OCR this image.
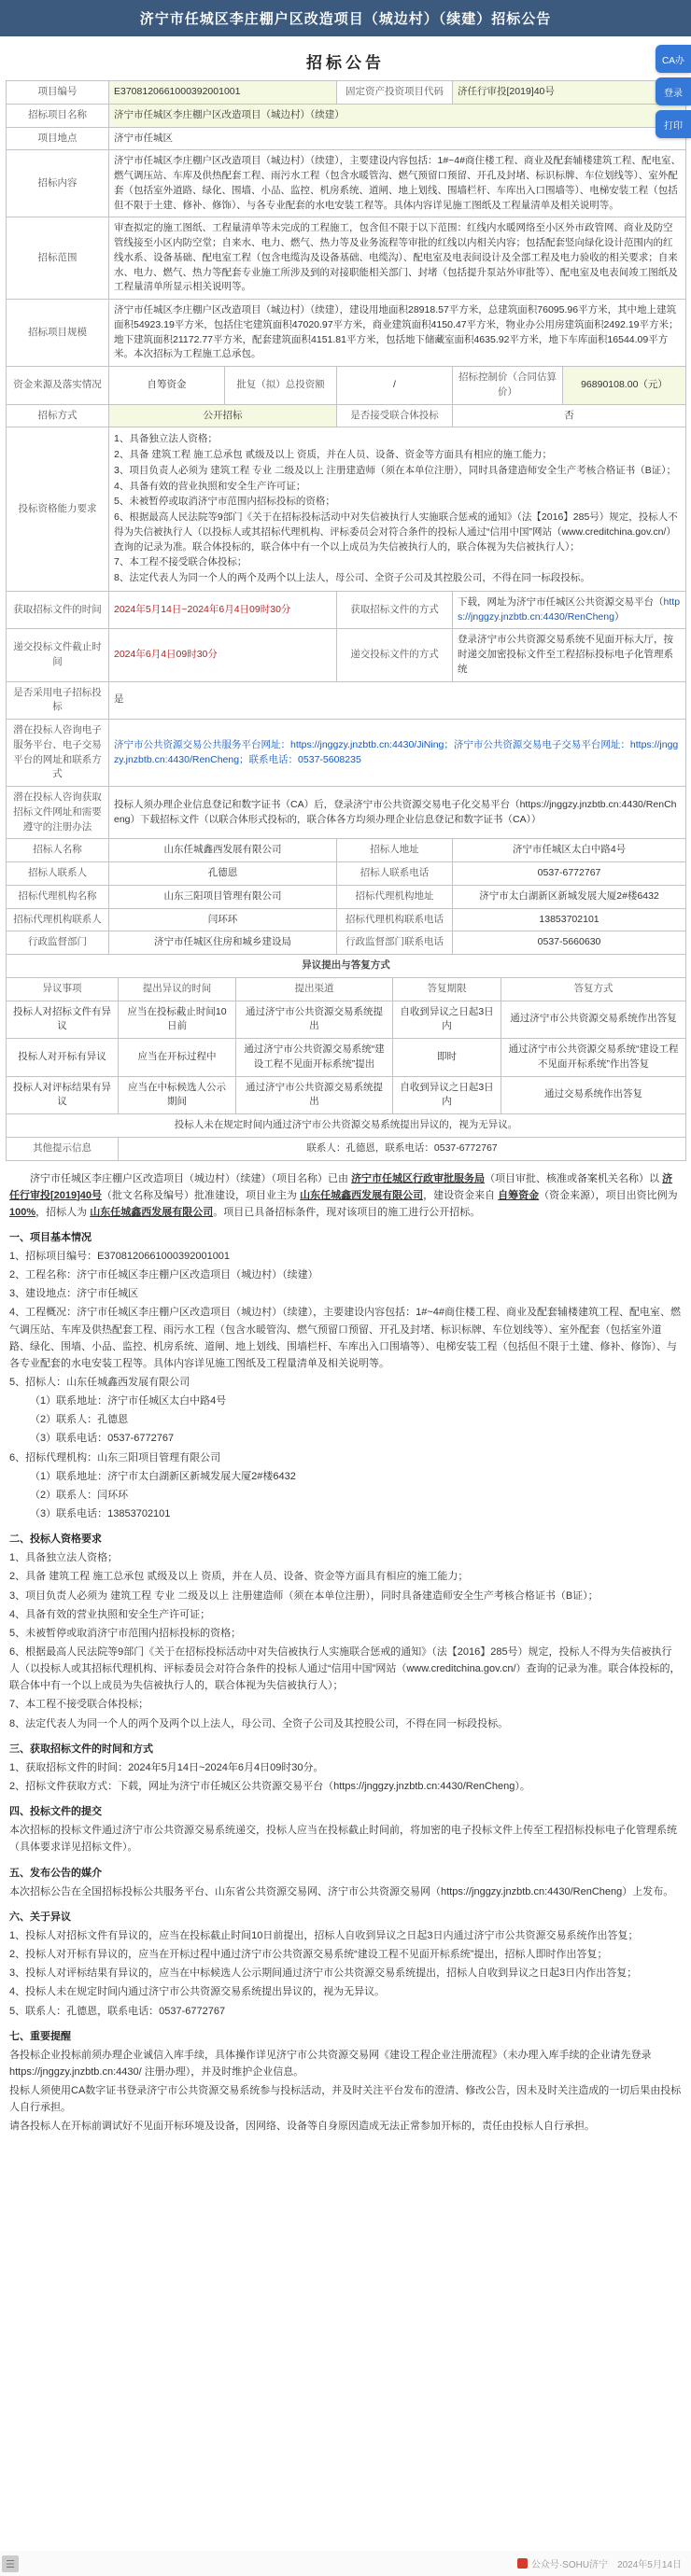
济宁市任城区李庄棚户区改造项目（城边村）（续建）招标公告
CA办
登录
打印
招标公告
项目编号	E3708120661000392001001		固定资产投资项目代码	济任行审投[2019]40号	
招标项目名称	济宁市任城区李庄棚户区改造项目（城边村）（续建）				
项目地点	济宁市任城区				
招标内容	济宁市任城区李庄棚户区改造项目（城边村）（续建），主要建设内容包括：1#~4#商住楼工程、商业及配套辅楼建筑工程、配电室、燃气调压站、车库及供热配套工程、雨污水工程（包含水暖管沟、燃气预留口预留、开孔及封堵、标识标牌、车位划线等）、室外配套（包括室外道路、绿化、围墙、小品、监控、机房系统、道闸、地上划线、围墙栏杆、车库出入口围墙等）、电梯安装工程（包括但不限于土建、修补、修饰）、与各专业配套的水电安装工程等。具体内容详见施工图纸及工程量清单及相关说明等。				
招标范围	审查拟定的施工图纸、工程量清单等未完成的工程施工，包含但不限于以下范围：红线内水暖网络至小区外市政管网、商业及防空管线接至小区内防空堂；自来水、电力、燃气、热力等及业务流程等审批的红线以内相关内容；包括配套竖向绿化设计范围内的红线水系、设备基础、配电室工程（包含电缆沟及设备基础、电缆沟）、配电室及电表间设计及全部工程及电力验收的相关要求；自来水、电力、燃气、热力等配套专业施工所涉及到的对接职能相关部门、封堵（包括提升泵站外审批等）、配电室及电表间竣工图纸及工程量清单所显示相关说明等。				
招标项目规模	济宁市任城区李庄棚户区改造项目（城边村）（续建），建设用地面积28918.57平方米，总建筑面积76095.96平方米，其中地上建筑面积54923.19平方米，包括住宅建筑面积47020.97平方米，商业建筑面积4150.47平方米，物业办公用房建筑面积2492.19平方米；地下建筑面积21172.77平方米，配套建筑面积4151.81平方米，包括地下储藏室面积4635.92平方米，地下车库面积16544.09平方米。本次招标为工程施工总承包。				
资金来源及落实情况	自筹资金	批复（拟）总投资额	/	招标控制价（合同估算价）	96890108.00（元）
招标方式	公开招标		是否接受联合体投标	否	
投标资格能力要求	
1、具备独立法人资格；
2、具备 建筑工程 施工总承包 贰级及以上 资质，并在人员、设备、资金等方面具有相应的施工能力；
3、项目负责人必须为 建筑工程 专业 二级及以上 注册建造师（须在本单位注册），同时具备建造师安全生产考核合格证书（B证）；
4、具备有效的营业执照和安全生产许可证；
5、未被暂停或取消济宁市范围内招标投标的资格；
6、根据最高人民法院等9部门《关于在招标投标活动中对失信被执行人实施联合惩戒的通知》（法【2016】285号）规定，投标人不得为失信被执行人（以投标人或其招标代理机构、评标委员会对符合条件的投标人通过“信用中国”网站（www.creditchina.gov.cn/）查询的记录为准。联合体投标的，联合体中有一个以上成员为失信被执行人的，联合体视为失信被执行人）；
7、本工程不接受联合体投标；
8、法定代表人为同一个人的两个及两个以上法人，母公司、全资子公司及其控股公司，不得在同一标段投标。

获取招标文件的时间	2024年5月14日~2024年6月4日09时30分		获取招标文件的方式	下载，网址为济宁市任城区公共资源交易平台（https://jnggzy.jnzbtb.cn:4430/RenCheng）	
递交投标文件截止时间	2024年6月4日09时30分		递交投标文件的方式	登录济宁市公共资源交易系统不见面开标大厅，按时递交加密投标文件至工程招标投标电子化管理系统	
是否采用电子招标投标	是				
潜在投标人咨询电子服务平台、电子交易平台的网址和联系方式	济宁市公共资源交易公共服务平台网址：https://jnggzy.jnzbtb.cn:4430/JiNing；济宁市公共资源交易电子交易平台网址：https://jnggzy.jnzbtb.cn:4430/RenCheng；联系电话：0537-5608235				
潜在投标人咨询获取招标文件网址和需要遵守的注册办法	投标人须办理企业信息登记和数字证书（CA）后，登录济宁市公共资源交易电子化交易平台（https://jnggzy.jnzbtb.cn:4430/RenCheng）下载招标文件（以联合体形式投标的，联合体各方均须办理企业信息登记和数字证书（CA））				
招标人名称	山东任城鑫西发展有限公司		招标人地址	济宁市任城区太白中路4号	
招标人联系人	孔德恩		招标人联系电话	0537-6772767	
招标代理机构名称	山东三阳项目管理有限公司		招标代理机构地址	济宁市太白湖新区新城发展大厦2#楼6432	
招标代理机构联系人	闫环环		招标代理机构联系电话	13853702101	
行政监督部门	济宁市任城区住房和城乡建设局		行政监督部门联系电话	0537-5660630	
异议提出与答复方式				
异议事项	提出异议的时间	提出渠道	答复期限	答复方式
投标人对招标文件有异议	应当在投标截止时间10日前	通过济宁市公共资源交易系统提出	自收到异议之日起3日内	通过济宁市公共资源交易系统作出答复
投标人对开标有异议	应当在开标过程中	通过济宁市公共资源交易系统“建设工程不见面开标系统”提出	即时	通过济宁市公共资源交易系统“建设工程不见面开标系统”作出答复
投标人对评标结果有异议	应当在中标候选人公示期间	通过济宁市公共资源交易系统提出	自收到异议之日起3日内	通过交易系统作出答复
投标人未在规定时间内通过济宁市公共资源交易系统提出异议的，视为无异议。				
其他提示信息	联系人：孔德恩，联系电话：0537-6772767			

济宁市任城区李庄棚户区改造项目（城边村）（续建）（项目名称）已由 济宁市任城区行政审批服务局（项目审批、核准或备案机关名称）以 济任行审投[2019]40号（批文名称及编号）批准建设，项目业主为 山东任城鑫西发展有限公司，建设资金来自 自筹资金（资金来源），项目出资比例为 100%，招标人为 山东任城鑫西发展有限公司。项目已具备招标条件，现对该项目的施工进行公开招标。

一、项目基本情况
1、招标项目编号：E3708120661000392001001
2、工程名称：济宁市任城区李庄棚户区改造项目（城边村）（续建）
3、建设地点：济宁市任城区
4、工程概况：济宁市任城区李庄棚户区改造项目（城边村）（续建），主要建设内容包括：1#~4#商住楼工程、商业及配套辅楼建筑工程、配电室、燃气调压站、车库及供热配套工程、雨污水工程（包含水暖管沟、燃气预留口预留、开孔及封堵、标识标牌、车位划线等）、室外配套（包括室外道路、绿化、围墙、小品、监控、机房系统、道闸、地上划线、围墙栏杆、车库出入口围墙等）、电梯安装工程（包括但不限于土建、修补、修饰）、与各专业配套的水电安装工程等。具体内容详见施工图纸及工程量清单及相关说明等。
5、招标人：山东任城鑫西发展有限公司
（1）联系地址：济宁市任城区太白中路4号
（2）联系人：孔德恩
（3）联系电话：0537-6772767
6、招标代理机构：山东三阳项目管理有限公司
（1）联系地址：济宁市太白湖新区新城发展大厦2#楼6432
（2）联系人：闫环环
（3）联系电话：13853702101
二、投标人资格要求
1、具备独立法人资格；
2、具备 建筑工程 施工总承包 贰级及以上 资质，并在人员、设备、资金等方面具有相应的施工能力；
3、项目负责人必须为 建筑工程 专业 二级及以上 注册建造师（须在本单位注册），同时具备建造师安全生产考核合格证书（B证）；
4、具备有效的营业执照和安全生产许可证；
5、未被暂停或取消济宁市范围内招标投标的资格；
6、根据最高人民法院等9部门《关于在招标投标活动中对失信被执行人实施联合惩戒的通知》（法【2016】285号）规定，投标人不得为失信被执行人（以投标人或其招标代理机构、评标委员会对符合条件的投标人通过“信用中国”网站（www.creditchina.gov.cn/）查询的记录为准。联合体投标的，联合体中有一个以上成员为失信被执行人的，联合体视为失信被执行人）；
7、本工程不接受联合体投标；
8、法定代表人为同一个人的两个及两个以上法人，母公司、全资子公司及其控股公司，不得在同一标段投标。
三、获取招标文件的时间和方式
1、获取招标文件的时间：2024年5月14日~2024年6月4日09时30分。
2、招标文件获取方式：下载，网址为济宁市任城区公共资源交易平台（https://jnggzy.jnzbtb.cn:4430/RenCheng）。
四、投标文件的提交
本次招标的投标文件通过济宁市公共资源交易系统递交，投标人应当在投标截止时间前，将加密的电子投标文件上传至工程招标投标电子化管理系统（具体要求详见招标文件）。
五、发布公告的媒介
本次招标公告在全国招标投标公共服务平台、山东省公共资源交易网、济宁市公共资源交易网（https://jnggzy.jnzbtb.cn:4430/RenCheng）上发布。
六、关于异议
1、投标人对招标文件有异议的，应当在投标截止时间10日前提出，招标人自收到异议之日起3日内通过济宁市公共资源交易系统作出答复；
2、投标人对开标有异议的，应当在开标过程中通过济宁市公共资源交易系统“建设工程不见面开标系统”提出，招标人即时作出答复；
3、投标人对评标结果有异议的，应当在中标候选人公示期间通过济宁市公共资源交易系统提出，招标人自收到异议之日起3日内作出答复；
4、投标人未在规定时间内通过济宁市公共资源交易系统提出异议的，视为无异议。
5、联系人：孔德恩，联系电话：0537-6772767
七、重要提醒
各投标企业投标前须办理企业诚信入库手续，具体操作详见济宁市公共资源交易网《建设工程企业注册流程》（未办理入库手续的企业请先登录 https://jnggzy.jnzbtb.cn:4430/ 注册办理），并及时维护企业信息。
投标人须使用CA数字证书登录济宁市公共资源交易系统参与投标活动，并及时关注平台发布的澄清、修改公告，因未及时关注造成的一切后果由投标人自行承担。
请各投标人在开标前调试好不见面开标环境及设备，因网络、设备等自身原因造成无法正常参加开标的，责任由投标人自行承担。
公众号·SOHU济宁 2024年5月14日
☰
